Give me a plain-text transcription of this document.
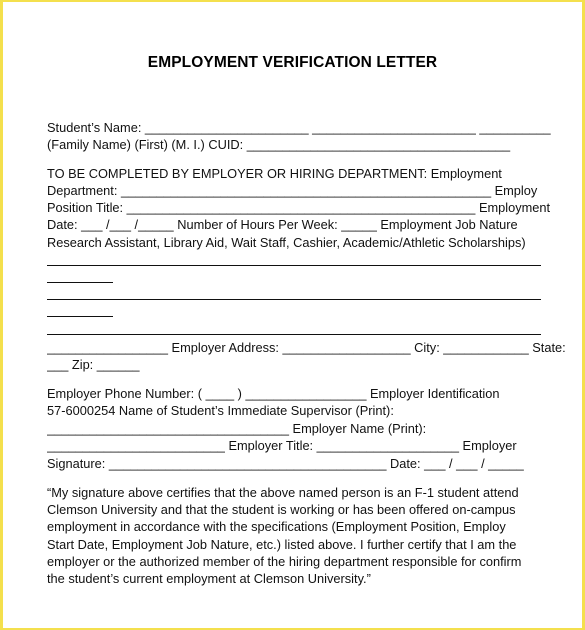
EMPLOYMENT VERIFICATION LETTER
Student’s Name: _______________________ _______________________ __________
(Family Name) (First) (M. I.) CUID: _____________________________________
TO BE COMPLETED BY EMPLOYER OR HIRING DEPARTMENT: Employment
Department: ____________________________________________________ Employ
Position Title: _________________________________________________ Employment
Date: ___ /___ /_____ Number of Hours Per Week: _____ Employment Job Nature
Research Assistant, Library Aid, Wait Staff, Cashier, Academic/Athletic Scholarships)
_________________ Employer Address: __________________ City: ____________ State:
___ Zip: ______
Employer Phone Number: ( ____ ) _________________ Employer Identification
57-6000254 Name of Student’s Immediate Supervisor (Print):
__________________________________ Employer Name (Print):
_________________________ Employer Title: ____________________ Employer
Signature: _______________________________________ Date: ___ / ___ / _____
“My signature above certifies that the above named person is an F-1 student attend
Clemson University and that the student is working or has been offered on-campus
employment in accordance with the specifications (Employment Position, Employ
Start Date, Employment Job Nature, etc.) listed above. I further certify that I am the
employer or the authorized member of the hiring department responsible for confirm
the student’s current employment at Clemson University.”
